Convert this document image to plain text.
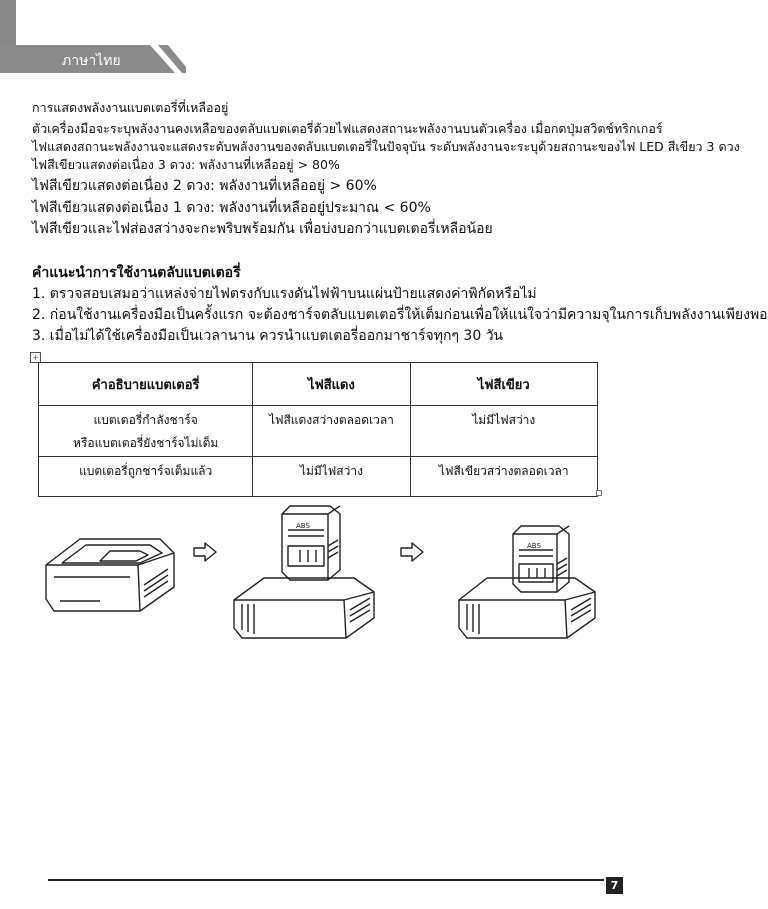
ภาษาไทย
การแสดงพลังงานแบตเตอรี่ที่เหลืออยู่
ตัวเครื่องมือจะระบุพลังงานคงเหลือของตลับแบตเตอรี่ด้วยไฟแสดงสถานะพลังงานบนตัวเครื่อง เมื่อกดปุ่มสวิตช์ทริกเกอร์
ไฟแสดงสถานะพลังงานจะแสดงระดับพลังงานของตลับแบตเตอรี่ในปัจจุบัน ระดับพลังงานจะระบุด้วยสถานะของไฟ LED สีเขียว 3 ดวง
ไฟสีเขียวแสดงต่อเนื่อง 3 ดวง: พลังงานที่เหลืออยู่ > 80%
ไฟสีเขียวแสดงต่อเนื่อง 2 ดวง: พลังงานที่เหลืออยู่ > 60%
ไฟสีเขียวแสดงต่อเนื่อง 1 ดวง: พลังงานที่เหลืออยู่ประมาณ < 60%
ไฟสีเขียวและไฟส่องสว่างจะกะพริบพร้อมกัน เพื่อบ่งบอกว่าแบตเตอรี่เหลือน้อย
คำแนะนำการใช้งานตลับแบตเตอรี่
1. ตรวจสอบเสมอว่าแหล่งจ่ายไฟตรงกับแรงดันไฟฟ้าบนแผ่นป้ายแสดงค่าพิกัดหรือไม่
2. ก่อนใช้งานเครื่องมือเป็นครั้งแรก จะต้องชาร์จตลับแบตเตอรี่ให้เต็มก่อนเพื่อให้แน่ใจว่ามีความจุในการเก็บพลังงานเพียงพอ
3. เมื่อไม่ได้ใช้เครื่องมือเป็นเวลานาน ควรนำแบตเตอรี่ออกมาชาร์จทุกๆ 30 วัน
+
คำอธิบายแบตเตอรี่	ไฟสีแดง	ไฟสีเขียว

แบตเตอรี่กำลังชาร์จ
หรือแบตเตอรี่ยังชาร์จไม่เต็ม	ไฟสีแดงสว่างตลอดเวลา	ไม่มีไฟสว่าง
แบตเตอรี่ถูกชาร์จเต็มแล้ว	ไม่มีไฟสว่าง	ไฟสีเขียวสว่างตลอดเวลา
ABS
ABS
7
